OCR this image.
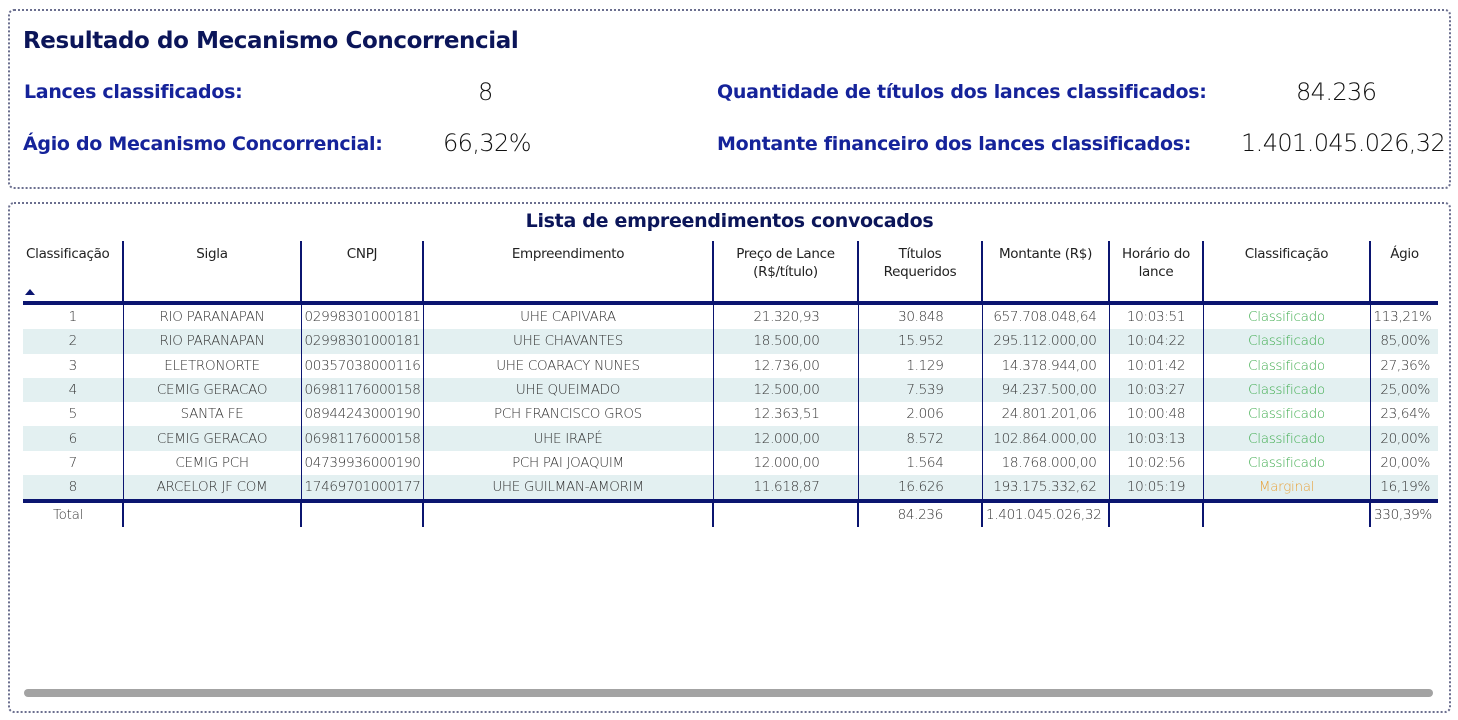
Resultado do Mecanismo Concorrencial
Lances classificados:	8
Ágio do Mecanismo Concorrencial:	66,32%
Quantidade de títulos dos lances classificados:	84.236
Montante financeiro dos lances classificados: 1.401.045.026,32
Lista de empreendimentos convocados
Classificação	Sigla	CNPJ	Empreendimento	Preço de Lance (R$/título)	Títulos Requeridos	Montante (R$)	Horário do lance	Classificação	Ágio
1	RIO PARANAPAN	02998301000181	UHE CAPIVARA	21.320,93	30.848	657.708.048,64	10:03:51	Classificado	113,21%
2	RIO PARANAPAN	02998301000181	UHE CHAVANTES	18.500,00	15.952	295.112.000,00	10:04:22	Classificado	85,00%
3	ELETRONORTE	00357038000116	UHE COARACY NUNES	12.736,00	1.129	14.378.944,00	10:01:42	Classificado	27,36%
4	CEMIG GERACAO	06981176000158	UHE QUEIMADO	12.500,00	7.539	94.237.500,00	10:03:27	Classificado	25,00%
5	SANTA FE	08944243000190	PCH FRANCISCO GROS	12.363,51	2.006	24.801.201,06	10:00:48	Classificado	23,64%
6	CEMIG GERACAO	06981176000158	UHE IRAPÉ	12.000,00	8.572	102.864.000,00	10:03:13	Classificado	20,00%
7	CEMIG PCH	04739936000190	PCH PAI JOAQUIM	12.000,00	1.564	18.768.000,00	10:02:56	Classificado	20,00%
8	ARCELOR JF COM	17469701000177	UHE GUILMAN-AMORIM	11.618,87	16.626	193.175.332,62	10:05:19	Marginal	16,19%
Total					84.236	1.401.045.026,32			330,39%
